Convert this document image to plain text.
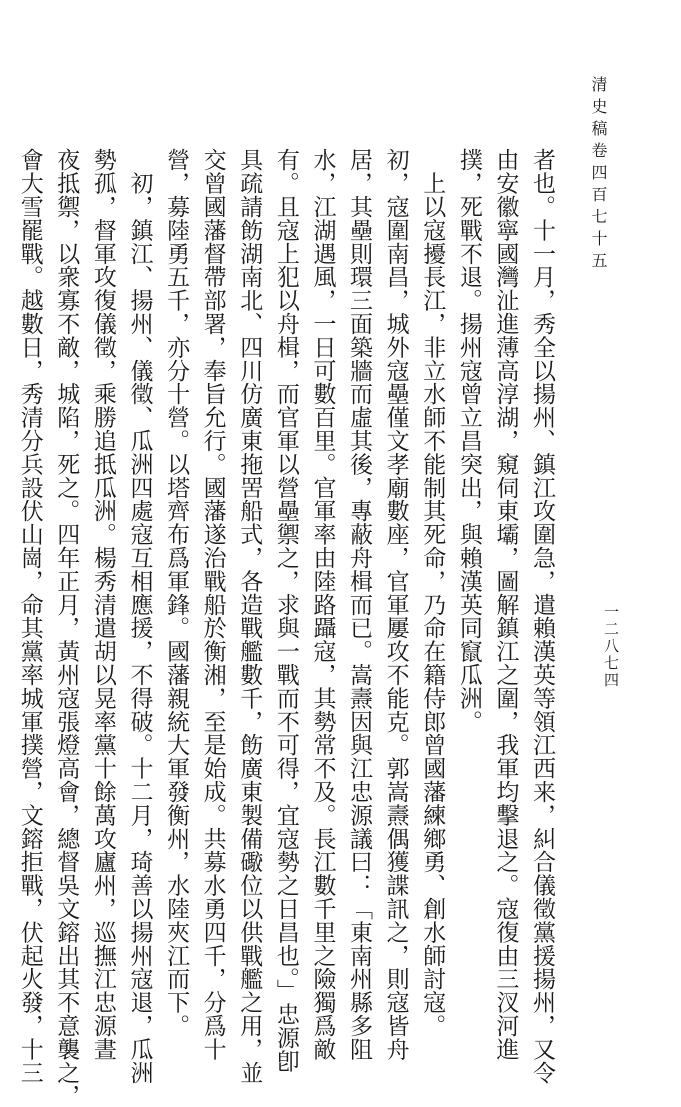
清史稿卷四百七十五
一二八七四
者也。十一月，秀全以揚州、鎮江攻圍急，遣賴漢英等領江西来，糾合儀徵黨援揚州，又令
由安徽寧國灣沚進薄高淳湖，窺伺東壩，圖解鎮江之圍，我軍均擊退之。寇復由三汊河進
撲，死戰不退。揚州寇曾立昌突出，與賴漢英同竄瓜洲。
　上以寇擾長江，非立水師不能制其死命，乃命在籍侍郎曾國藩練鄉勇、創水師討寇。
初，寇圍南昌，城外寇壘僅文孝廟數座，官軍屢攻不能克。郭嵩燾偶獲諜訊之，則寇皆舟
居，其壘則環三面築牆而虛其後，專蔽舟楫而已。嵩燾因與江忠源議曰：「東南州縣多阻
水，江湖遇風，一日可數百里。官軍率由陸路躡寇，其勢常不及。長江數千里之險獨爲敵
有。且寇上犯以舟楫，而官軍以營壘禦之，求與一戰而不可得，宜寇勢之日昌也。」忠源卽
具疏請飭湖南北、四川仿廣東拖罟船式，各造戰艦數千，飭廣東製備礮位以供戰艦之用，並
交曾國藩督帶部署，奉旨允行。國藩遂治戰船於衡湘，至是始成。共募水勇四千，分爲十
營，募陸勇五千，亦分十營。以塔齊布爲軍鋒。國藩親統大軍發衡州，水陸夾江而下。
　初，鎮江、揚州、儀徵、瓜洲四處寇互相應援，不得破。十二月，琦善以揚州寇退，瓜洲
勢孤，督軍攻復儀徵，乘勝追抵瓜洲。楊秀清遣胡以晃率黨十餘萬攻廬州，巡撫江忠源晝
夜抵禦，以衆寡不敵，城陷，死之。四年正月，黃州寇張燈高會，總督吳文鎔出其不意襲之，
會大雪罷戰。越數日，秀清分兵設伏山崗，命其黨率城軍撲營，文鎔拒戰，伏起火發，十三
